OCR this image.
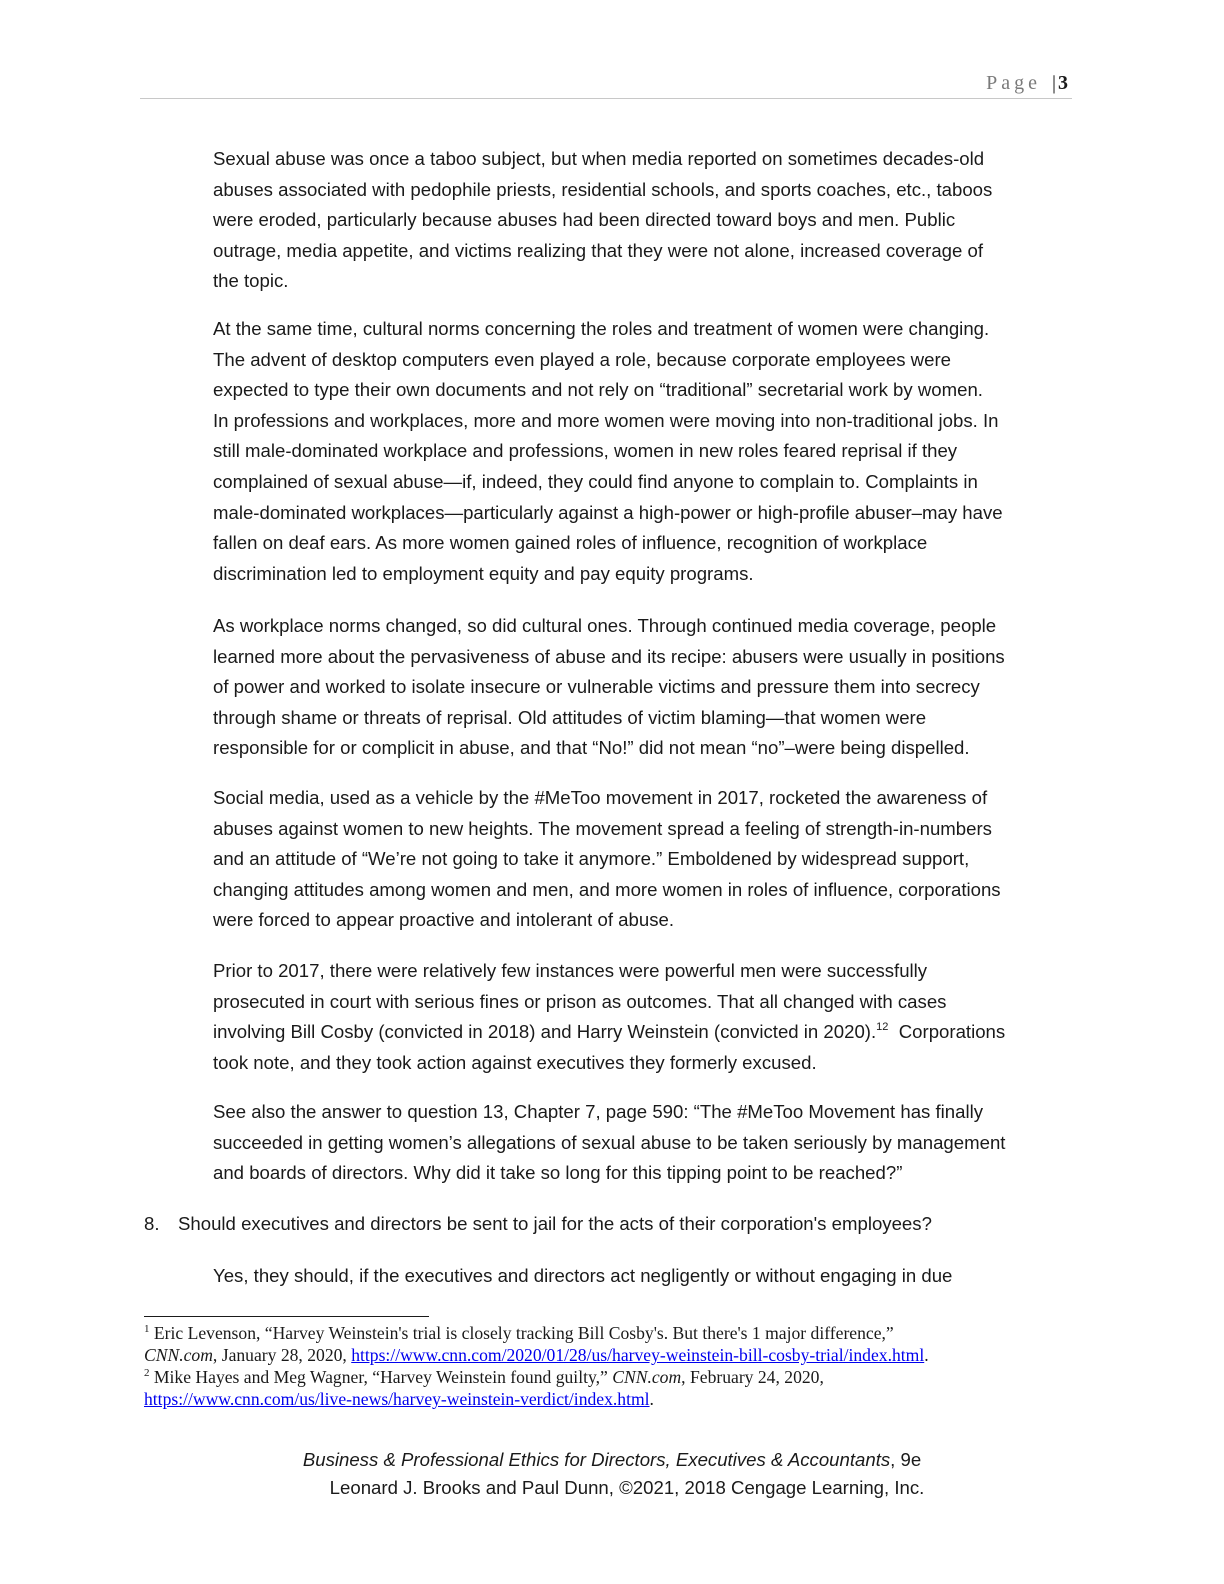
Page | 3

Sexual abuse was once a taboo subject, but when media reported on sometimes decades-old
abuses associated with pedophile priests, residential schools, and sports coaches, etc., taboos
were eroded, particularly because abuses had been directed toward boys and men. Public
outrage, media appetite, and victims realizing that they were not alone, increased coverage of
the topic.

At the same time, cultural norms concerning the roles and treatment of women were changing.
The advent of desktop computers even played a role, because corporate employees were
expected to type their own documents and not rely on “traditional” secretarial work by women.
In professions and workplaces, more and more women were moving into non-traditional jobs. In
still male-dominated workplace and professions, women in new roles feared reprisal if they
complained of sexual abuse—if, indeed, they could find anyone to complain to. Complaints in
male-dominated workplaces—particularly against a high-power or high-profile abuser–may have
fallen on deaf ears. As more women gained roles of influence, recognition of workplace
discrimination led to employment equity and pay equity programs.

As workplace norms changed, so did cultural ones. Through continued media coverage, people
learned more about the pervasiveness of abuse and its recipe: abusers were usually in positions
of power and worked to isolate insecure or vulnerable victims and pressure them into secrecy
through shame or threats of reprisal. Old attitudes of victim blaming—that women were
responsible for or complicit in abuse, and that “No!” did not mean “no”–were being dispelled.

Social media, used as a vehicle by the #MeToo movement in 2017, rocketed the awareness of
abuses against women to new heights. The movement spread a feeling of strength-in-numbers
and an attitude of “We’re not going to take it anymore.” Emboldened by widespread support,
changing attitudes among women and men, and more women in roles of influence, corporations
were forced to appear proactive and intolerant of abuse.

Prior to 2017, there were relatively few instances were powerful men were successfully
prosecuted in court with serious fines or prison as outcomes. That all changed with cases
involving Bill Cosby (convicted in 2018) and Harry Weinstein (convicted in 2020).$^{12}$  Corporations
took note, and they took action against executives they formerly excused.

See also the answer to question 13, Chapter 7, page 590: “The #MeToo Movement has finally
succeeded in getting women’s allegations of sexual abuse to be taken seriously by management
and boards of directors. Why did it take so long for this tipping point to be reached?”

8. Should executives and directors be sent to jail for the acts of their corporation's employees?
Yes, they should, if the executives and directors act negligently or without engaging in due
$^1$ Eric Levenson, “Harvey Weinstein's trial is closely tracking Bill Cosby's. But there's 1 major difference,”
CNN.com, January 28, 2020, https://www.cnn.com/2020/01/28/us/harvey-weinstein-bill-cosby-trial/index.html.
$^2$ Mike Hayes and Meg Wagner, “Harvey Weinstein found guilty,” CNN.com, February 24, 2020,
https://www.cnn.com/us/live-news/harvey-weinstein-verdict/index.html.
Business & Professional Ethics for Directors, Executives & Accountants, 9e
Leonard J. Brooks and Paul Dunn, ©2021, 2018 Cengage Learning, Inc.
